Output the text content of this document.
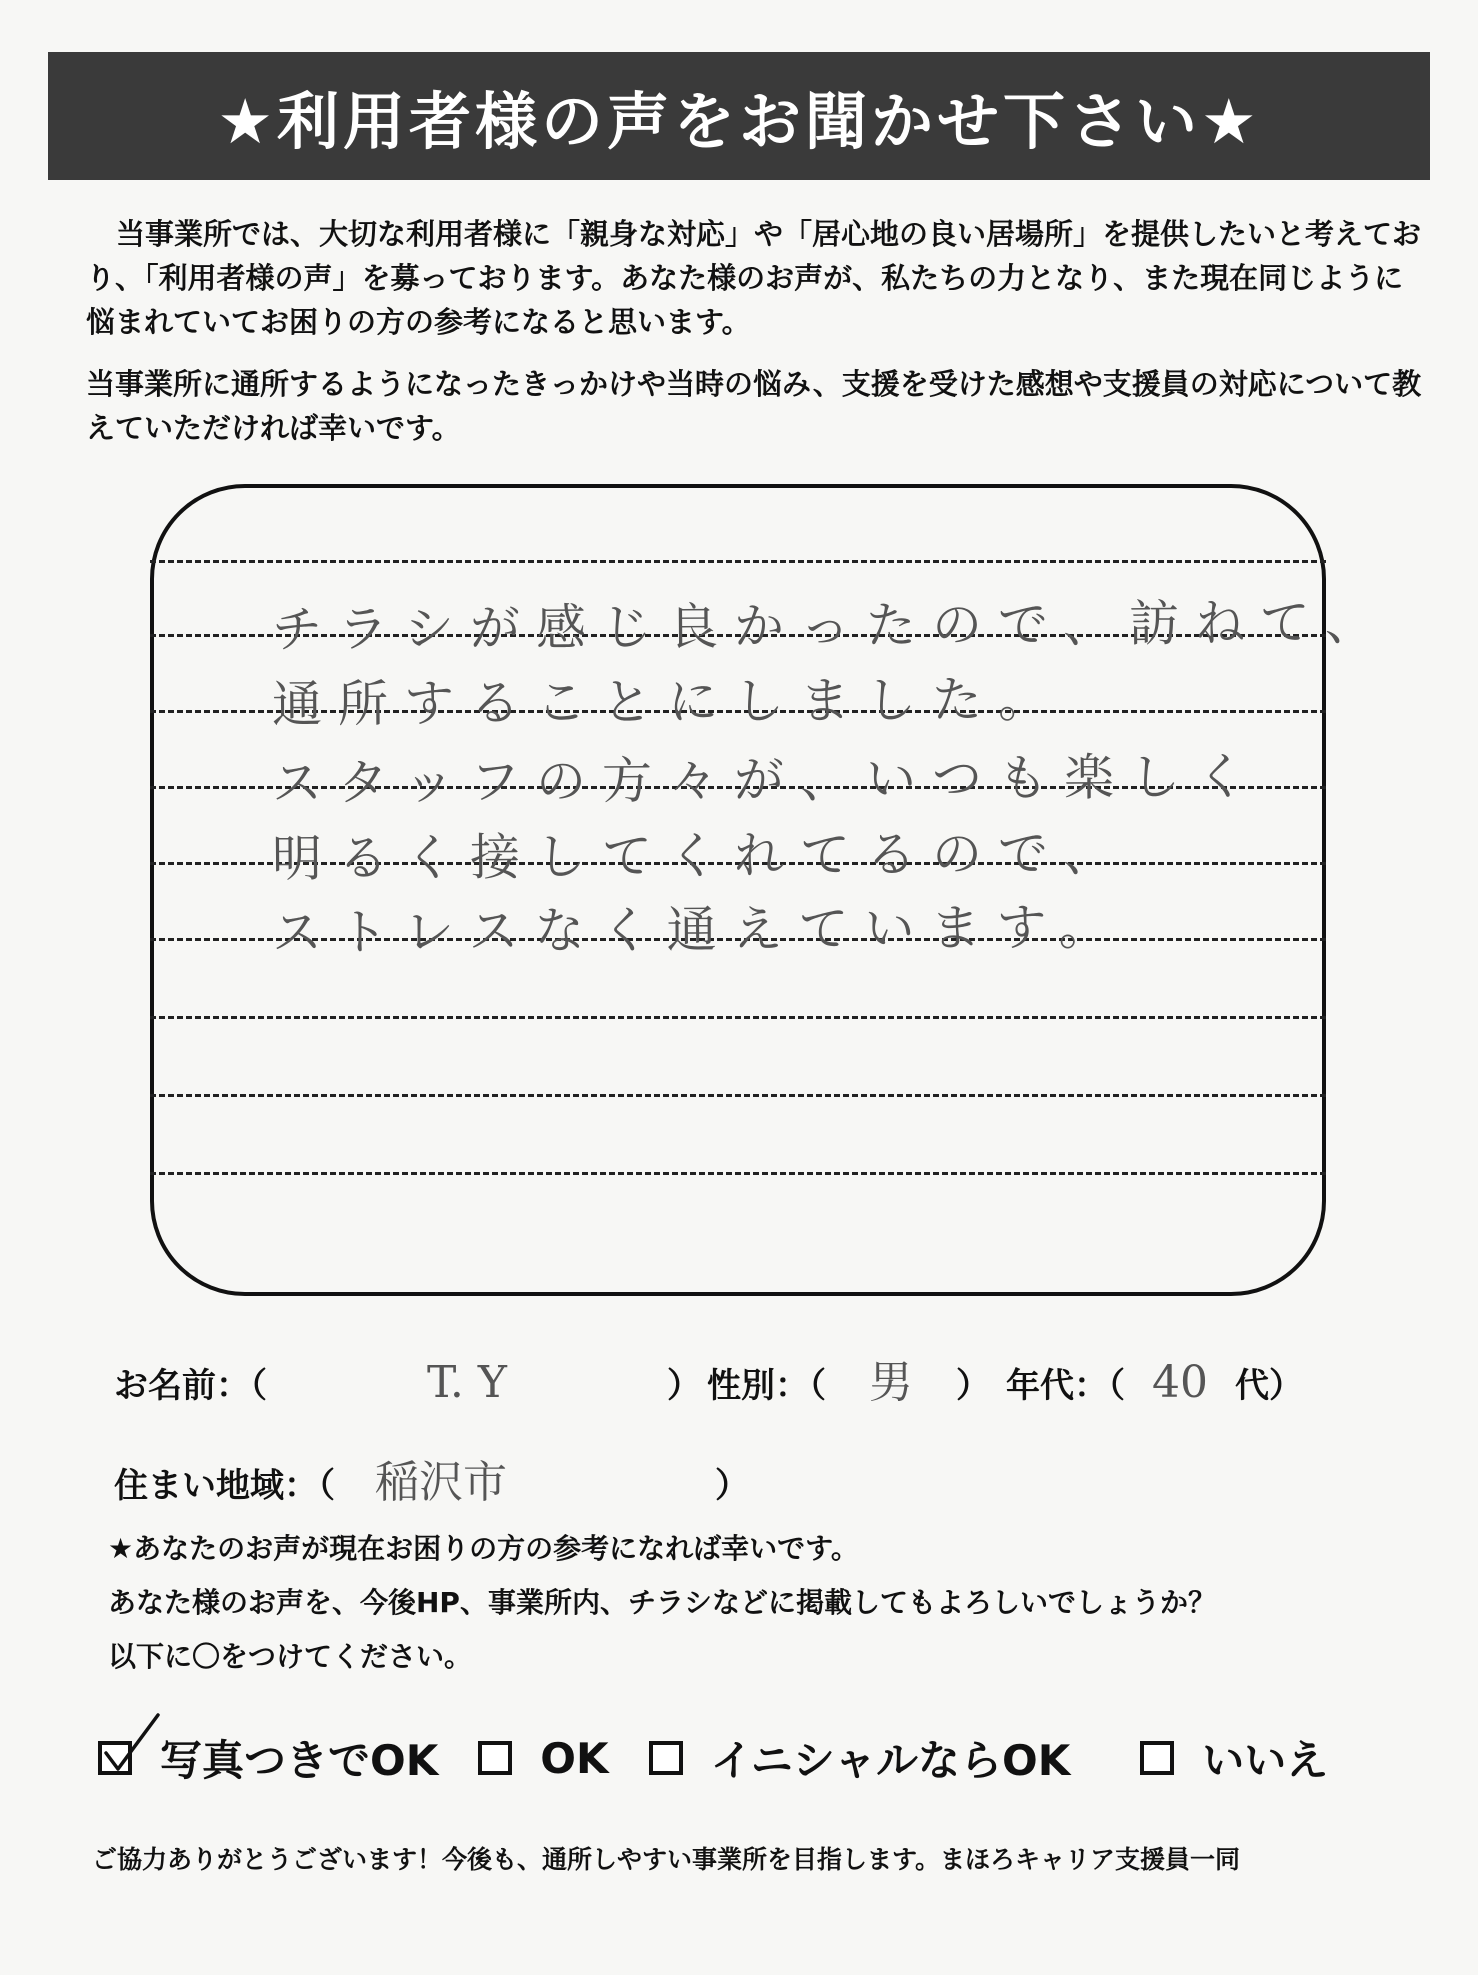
★利用者様の声をお聞かせ下さい★

当事業所では、大切な利用者様に「親身な対応」や「居心地の良い居場所」を提供したいと考えており、「利用者様の声」を募っております。あなた様のお声が、私たちの力となり、また現在同じように悩まれていてお困りの方の参考になると思います。

当事業所に通所するようになったきっかけや当時の悩み、支援を受けた感想や支援員の対応について教えていただければ幸いです。

チラシが感じ良かったので、訪ねて、
通所することにしました。
スタッフの方々が、いつも楽しく
明るく接してくれてるので、
ストレスなく通えています。
お名前：（	T. Y	） 性別：（ 男	） 年代：（ 40 代）
住まい地域：（ 稲沢市	）

★あなたのお声が現在お困りの方の参考になれば幸いです。

あなた様のお声を、今後HP、事業所内、チラシなどに掲載してもよろしいでしょうか？

以下に〇をつけてください。

写真つきでOK OK イニシャルならOK	いいえ
ご協力ありがとうございます！今後も、通所しやすい事業所を目指します。まほろキャリア支援員一同
